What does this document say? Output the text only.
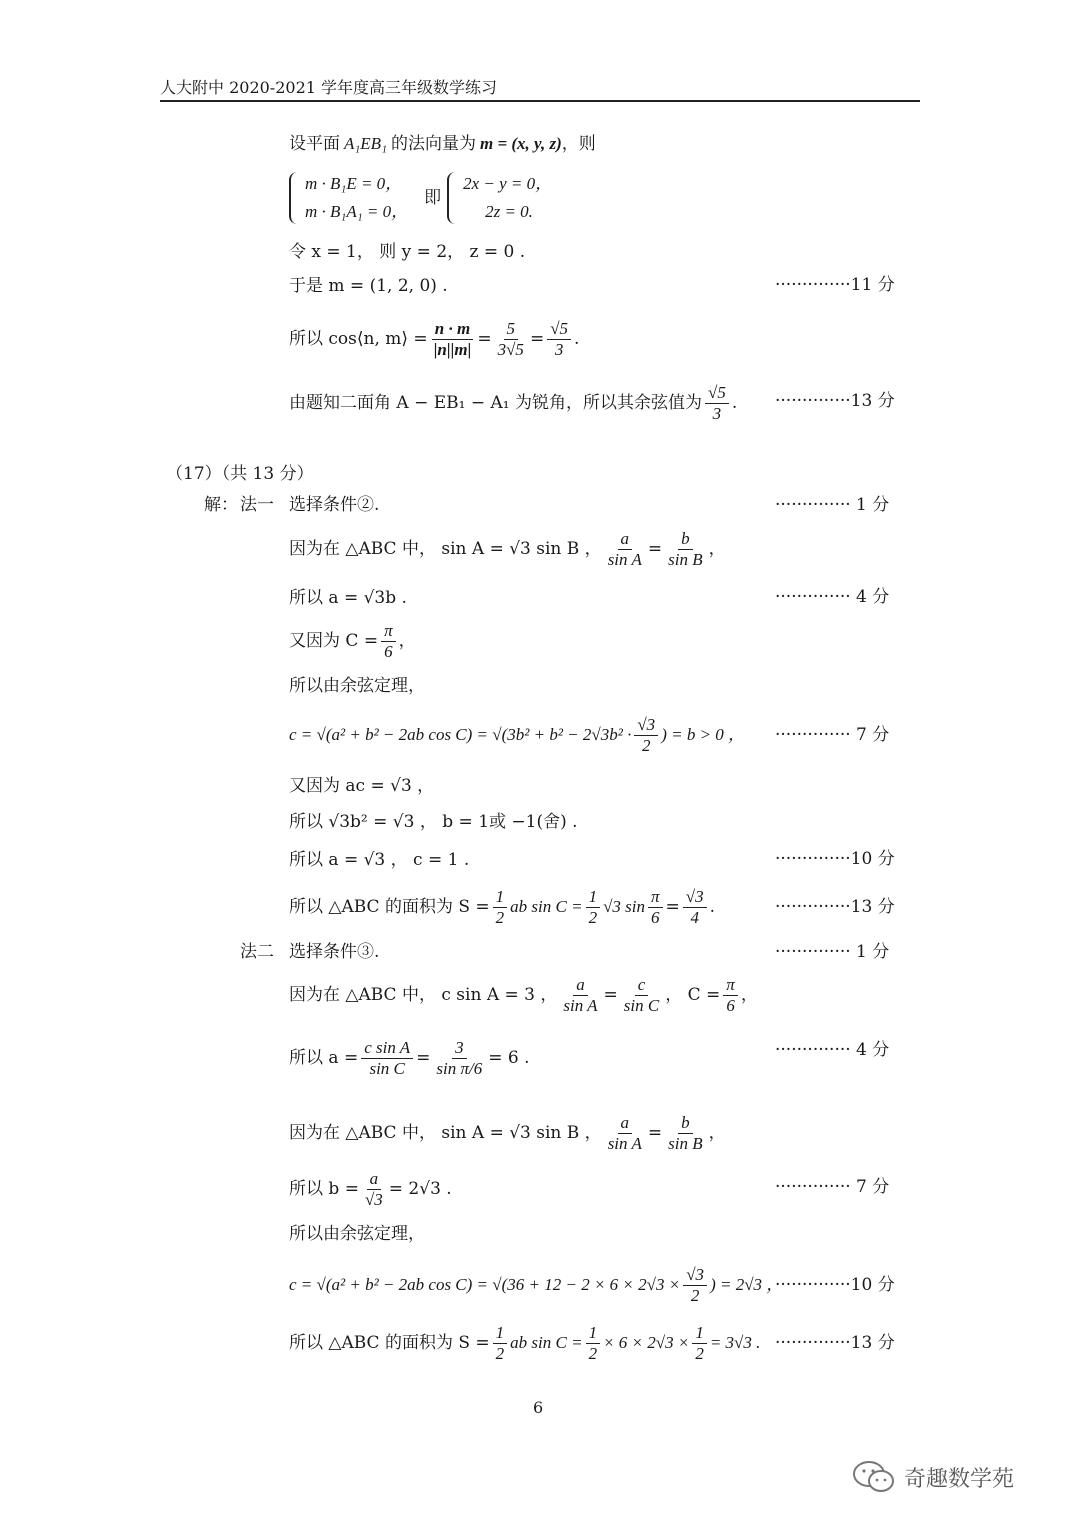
人大附中 2020-2021 学年度高三年级数学练习
设平面 A₁EB₁ 的法向量为 m = (x, y, z) ，则
m · B₁E = 0，
m · B₁A₁ = 0，
即
2x − y = 0，
2z = 0.
令 x = 1， 则 y = 2， z = 0 .
于是 m = (1, 2, 0) .	··············11 分
所以 cos⟨n, m⟩ = $\frac{n \cdot m}{|n||m|} = \frac{5}{3√5} = \frac{√5}{3}$ .
由题知二面角 A − EB₁ − A₁ 为锐角，所以其余弦值为 $\frac{√5}{3}$ . ··············13 分
（17）（共 13 分）
解： 法一 选择条件②.	·············· 1 分
因为在 △ABC 中， sin A = √3 sin B ， $\frac{a}{\text{sin A}} = \frac{b}{\text{sin B}}$ ，
所以 a = √3b .	·············· 4 分
又因为 $C = \frac{\pi}{6}$ ，
所以由余弦定理，
c = √(a² + b² − 2ab $\cos C) = √(3b^2 + b^2 - 2√3b^2 \cdot \frac{√3}{2}$ ) = b > 0 ， ·············· 7 分
又因为 ac = √3 ，
所以 √3b² = √3 ， b = 1或 −1(舍) .
所以 a = √3 ， c = 1 .	··············10 分
所以 △ABC 的面积为 $S = \frac{1}{2}$ ab $\sin C = \frac{1}{2} √3$ $\sin \frac{\pi}{6} = \frac{√3}{4}$ .	··············13 分
法二 选择条件③.	·············· 1 分
因为在 △ABC 中， c sin A = 3 ， $\frac{a}{\text{sin A}} = \frac{c}{\text{sin C}}$ ， $C = \frac{\pi}{6}$ ，
所以 $a = \frac{\text{c sin A}}{\text{sin C}} = \frac{3}{\text{sin π/6}} = 6$ .	·············· 4 分
因为在 △ABC 中， sin A = √3 sin B ， $\frac{a}{\text{sin A}} = \frac{b}{\text{sin B}}$ ，
所以 $b = \frac{a}{√3} = 2√3$ .	·············· 7 分
所以由余弦定理，
c = √(a² + b² − 2ab $\cos C) = √(36 + 12 - 2 \times 6 \times 2√3 \times \frac{√3}{2}$ ) = 2√3 ，
··············10 分
所以 △ABC 的面积为 $S = \frac{1}{2}$ ab $\sin C = \frac{1}{2} \times 6 \times 2√3 \times \frac{1}{2} = 3√3$ . ··············13 分
6
奇趣数学苑
